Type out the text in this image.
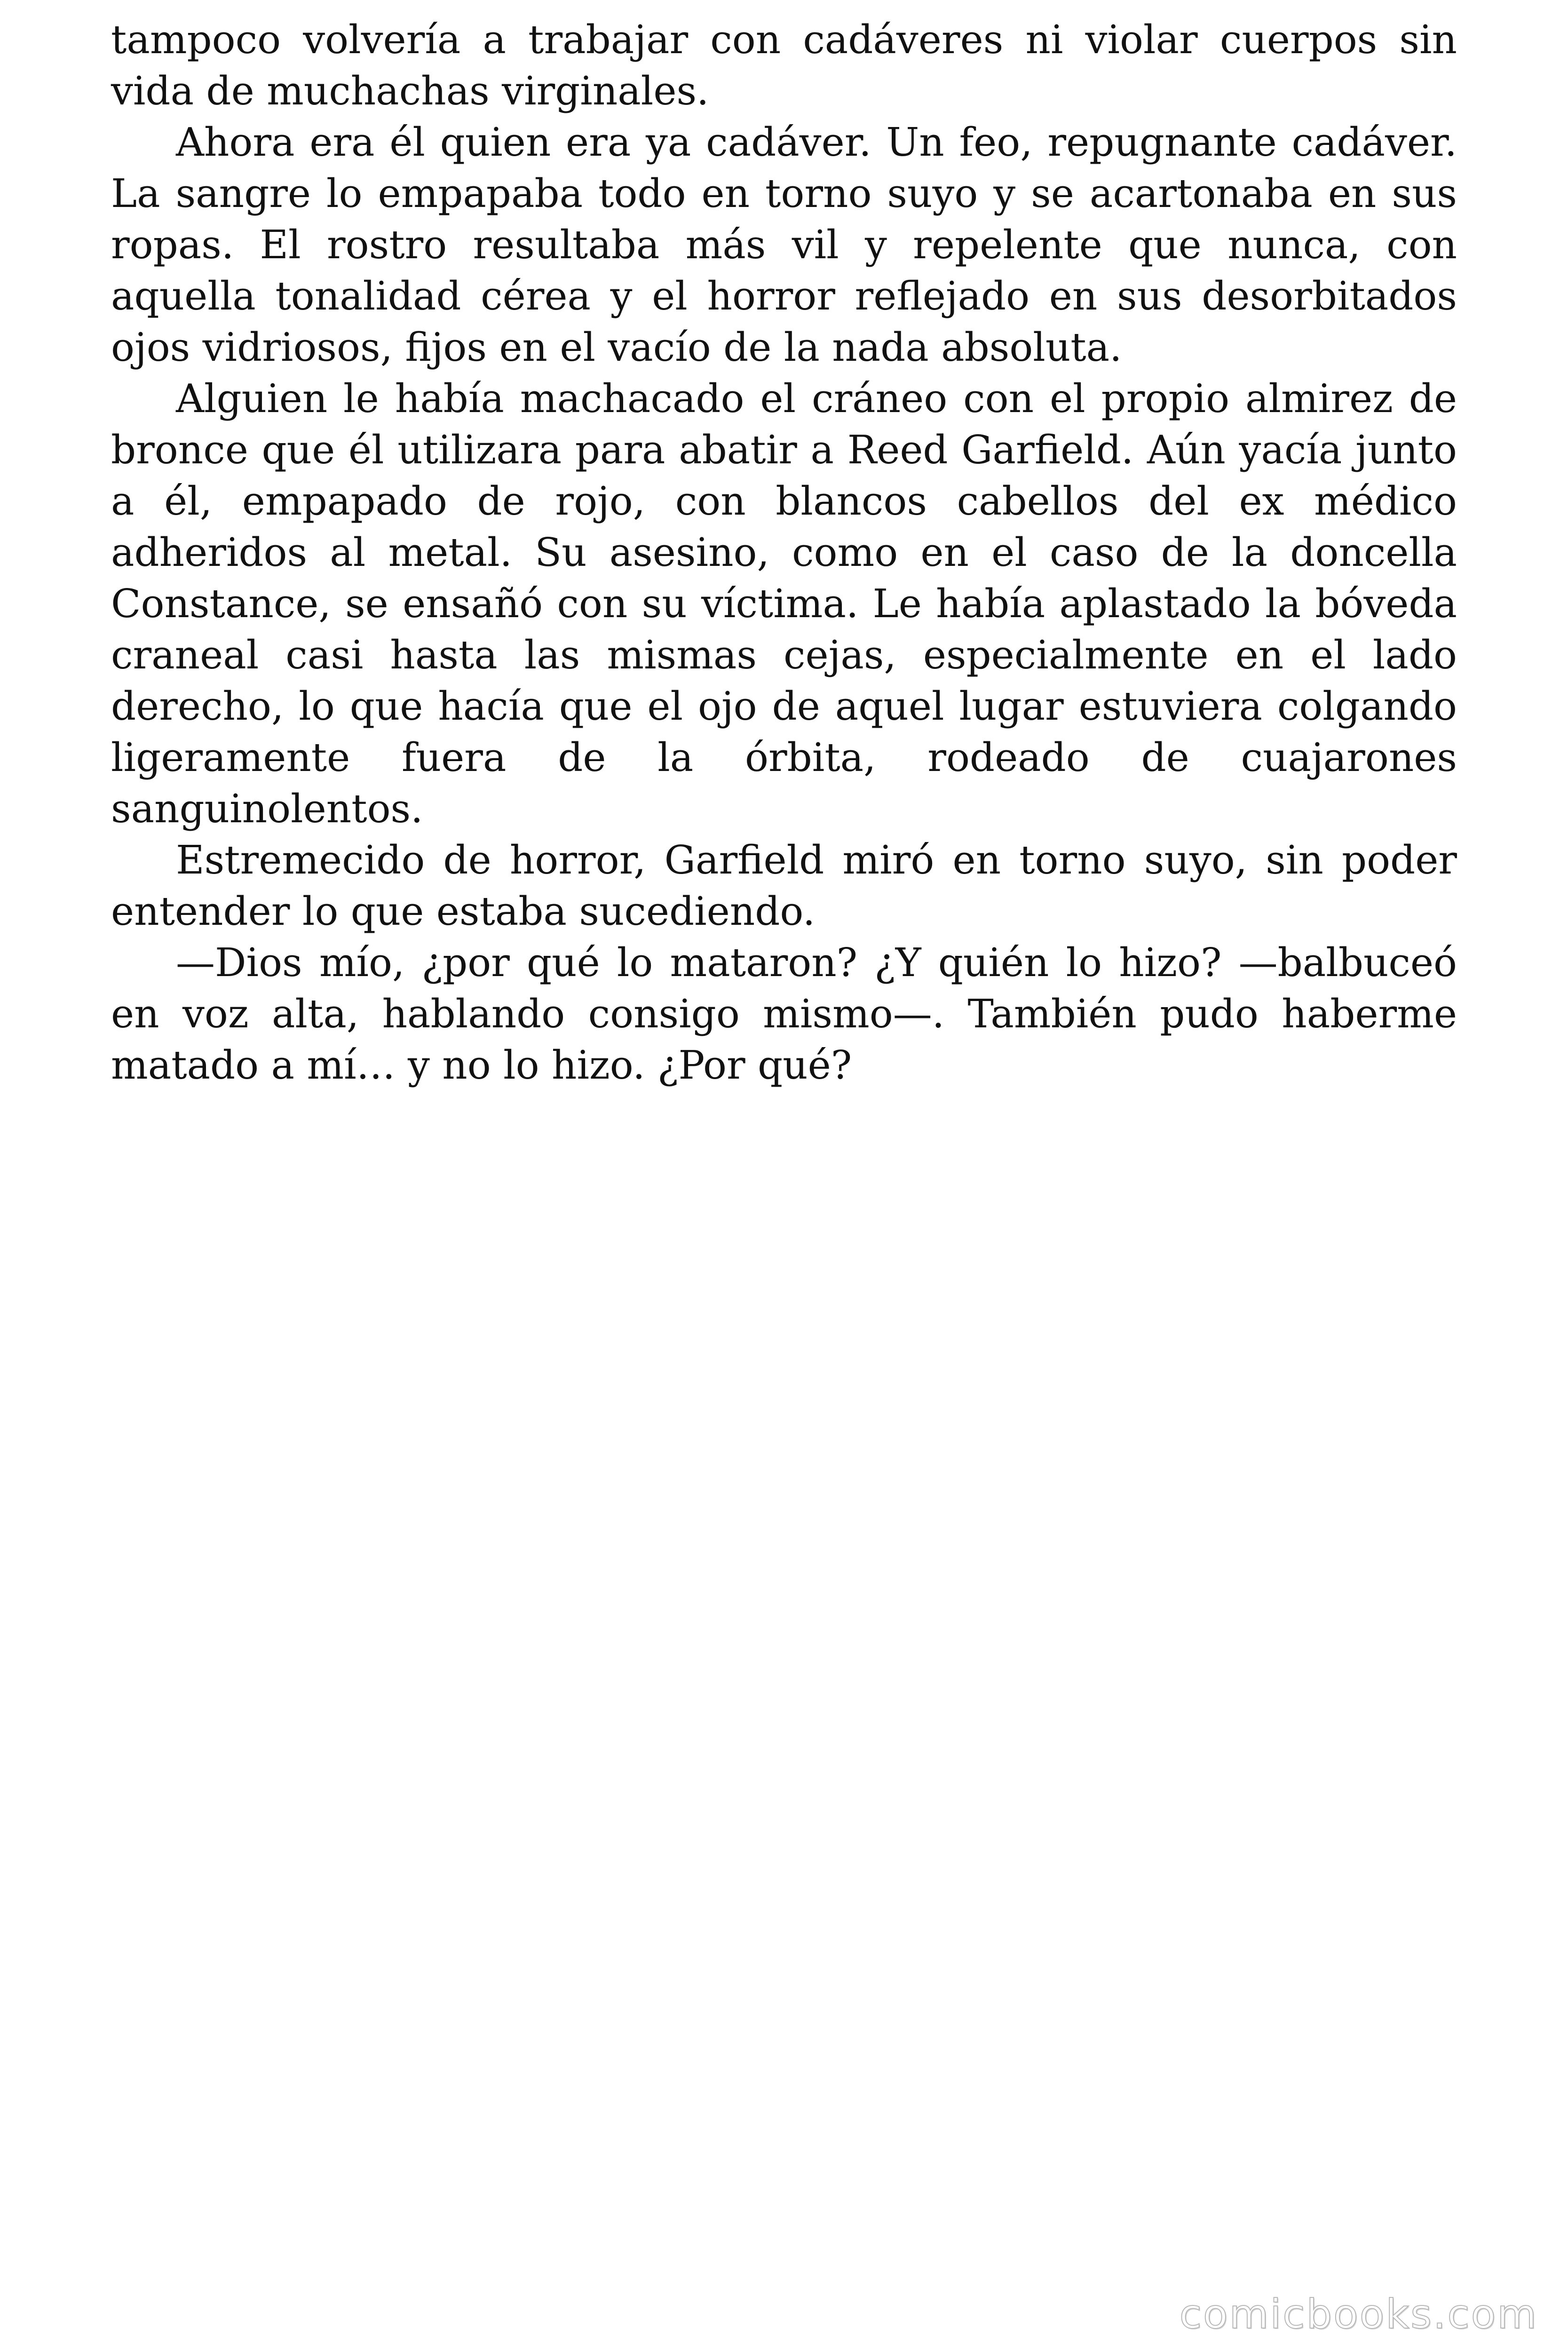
tampoco volvería a trabajar con cadáveres ni violar cuerpos sin vida de muchachas virginales.

Ahora era él quien era ya cadáver. Un feo, repugnante cadáver. La sangre lo empapaba todo en torno suyo y se acartonaba en sus ropas. El rostro resultaba más vil y repelente que nunca, con aquella tonalidad cérea y el horror reflejado en sus desorbitados ojos vidriosos, fijos en el vacío de la nada absoluta.

Alguien le había machacado el cráneo con el propio almirez de bronce que él utilizara para abatir a Reed Garfield. Aún yacía junto a él, empapado de rojo, con blancos cabellos del ex médico adheridos al metal. Su asesino, como en el caso de la doncella Constance, se ensañó con su víctima. Le había aplastado la bóveda craneal casi hasta las mismas cejas, especialmente en el lado derecho, lo que hacía que el ojo de aquel lugar estuviera colgando ligeramente fuera de la órbita, rodeado de cuajarones sanguinolentos.

Estremecido de horror, Garfield miró en torno suyo, sin poder entender lo que estaba sucediendo.

—Dios mío, ¿por qué lo mataron? ¿Y quién lo hizo? —balbuceó en voz alta, hablando consigo mismo—. También pudo haberme matado a mí… y no lo hizo. ¿Por qué?

comicbooks.com
